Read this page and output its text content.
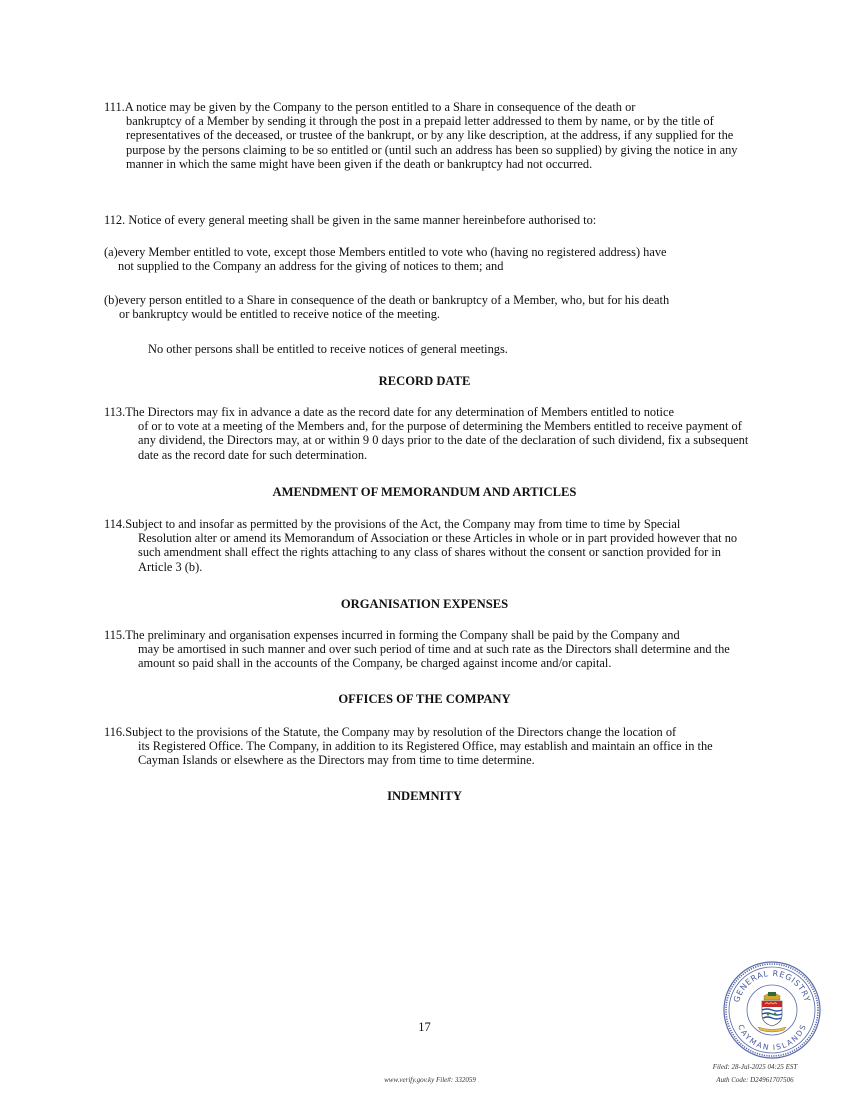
111.A notice may be given by the Company to the person entitled to a Share in consequence of the death or
bankruptcy of a Member by sending it through the post in a prepaid letter addressed to them by name, or by the title of representatives of the deceased, or trustee of the bankrupt, or by any like description, at the address, if any supplied for the purpose by the persons claiming to be so entitled or (until such an address has been so supplied) by giving the notice in any manner in which the same might have been given if the death or bankruptcy had not occurred.

112. Notice of every general meeting shall be given in the same manner hereinbefore authorised to:

(a)every Member entitled to vote, except those Members entitled to vote who (having no registered address) have
not supplied to the Company an address for the giving of notices to them; and

(b)every person entitled to a Share in consequence of the death or bankruptcy of a Member, who, but for his death
or bankruptcy would be entitled to receive notice of the meeting.

No other persons shall be entitled to receive notices of general meetings.

RECORD DATE

113.The Directors may fix in advance a date as the record date for any determination of Members entitled to notice
of or to vote at a meeting of the Members and, for the purpose of determining the Members entitled to receive payment of any dividend, the Directors may, at or within 9 0 days prior to the date of the declaration of such dividend, fix a subsequent date as the record date for such determination.

AMENDMENT OF MEMORANDUM AND ARTICLES

114.Subject to and insofar as permitted by the provisions of the Act, the Company may from time to time by Special
Resolution alter or amend its Memorandum of Association or these Articles in whole or in part provided however that no such amendment shall effect the rights attaching to any class of shares without the consent or sanction provided for in Article 3 (b).

ORGANISATION EXPENSES

115.The preliminary and organisation expenses incurred in forming the Company shall be paid by the Company and
may be amortised in such manner and over such period of time and at such rate as the Directors shall determine and the amount so paid shall in the accounts of the Company, be charged against income and/or capital.

OFFICES OF THE COMPANY

116.Subject to the provisions of the Statute, the Company may by resolution of the Directors change the location of
its Registered Office. The Company, in addition to its Registered Office, may establish and maintain an office in the Cayman Islands or elsewhere as the Directors may from time to time determine.

INDEMNITY
17
www.verify.gov.ky File#: 332059
Filed: 28-Jul-2025 04:25 EST
Auth Code: D24961707506
GENERAL REGISTRY
CAYMAN ISLANDS
